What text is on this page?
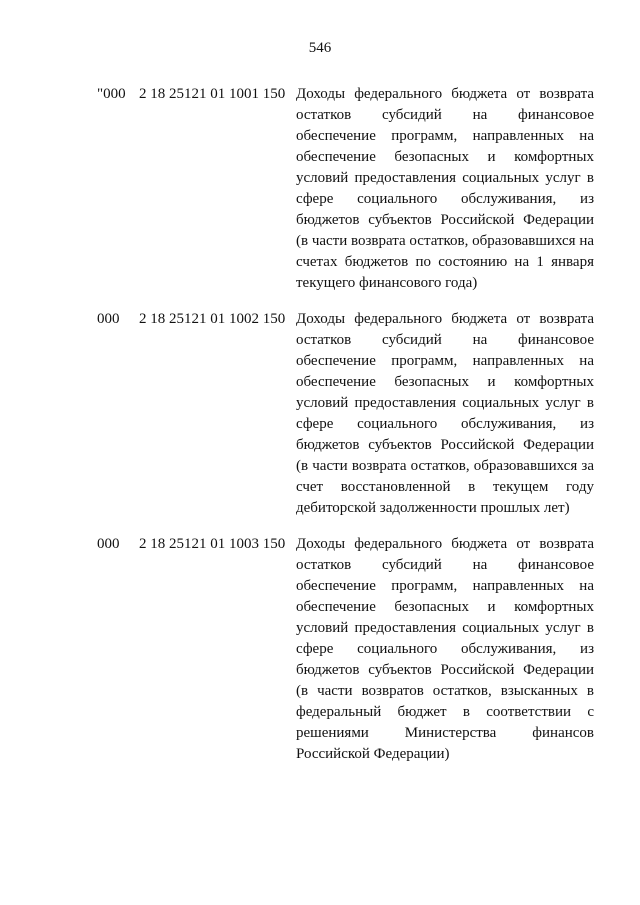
546
"000 2 18 25121 01 1001 150 Доходы федерального бюджета от возврата
остатков субсидий на финансовое
обеспечение программ, направленных на
обеспечение безопасных и комфортных
условий предоставления социальных услуг в
сфере социального обслуживания, из
бюджетов субъектов Российской Федерации
(в части возврата остатков, образовавшихся на
счетах бюджетов по состоянию на 1 января
текущего финансового года)
000 2 18 25121 01 1002 150 Доходы федерального бюджета от возврата
остатков субсидий на финансовое
обеспечение программ, направленных на
обеспечение безопасных и комфортных
условий предоставления социальных услуг в
сфере социального обслуживания, из
бюджетов субъектов Российской Федерации
(в части возврата остатков, образовавшихся за
счет восстановленной в текущем году
дебиторской задолженности прошлых лет)
000 2 18 25121 01 1003 150 Доходы федерального бюджета от возврата
остатков субсидий на финансовое
обеспечение программ, направленных на
обеспечение безопасных и комфортных
условий предоставления социальных услуг в
сфере социального обслуживания, из
бюджетов субъектов Российской Федерации
(в части возвратов остатков, взысканных в
федеральный бюджет в соответствии с
решениями Министерства финансов
Российской Федерации)
